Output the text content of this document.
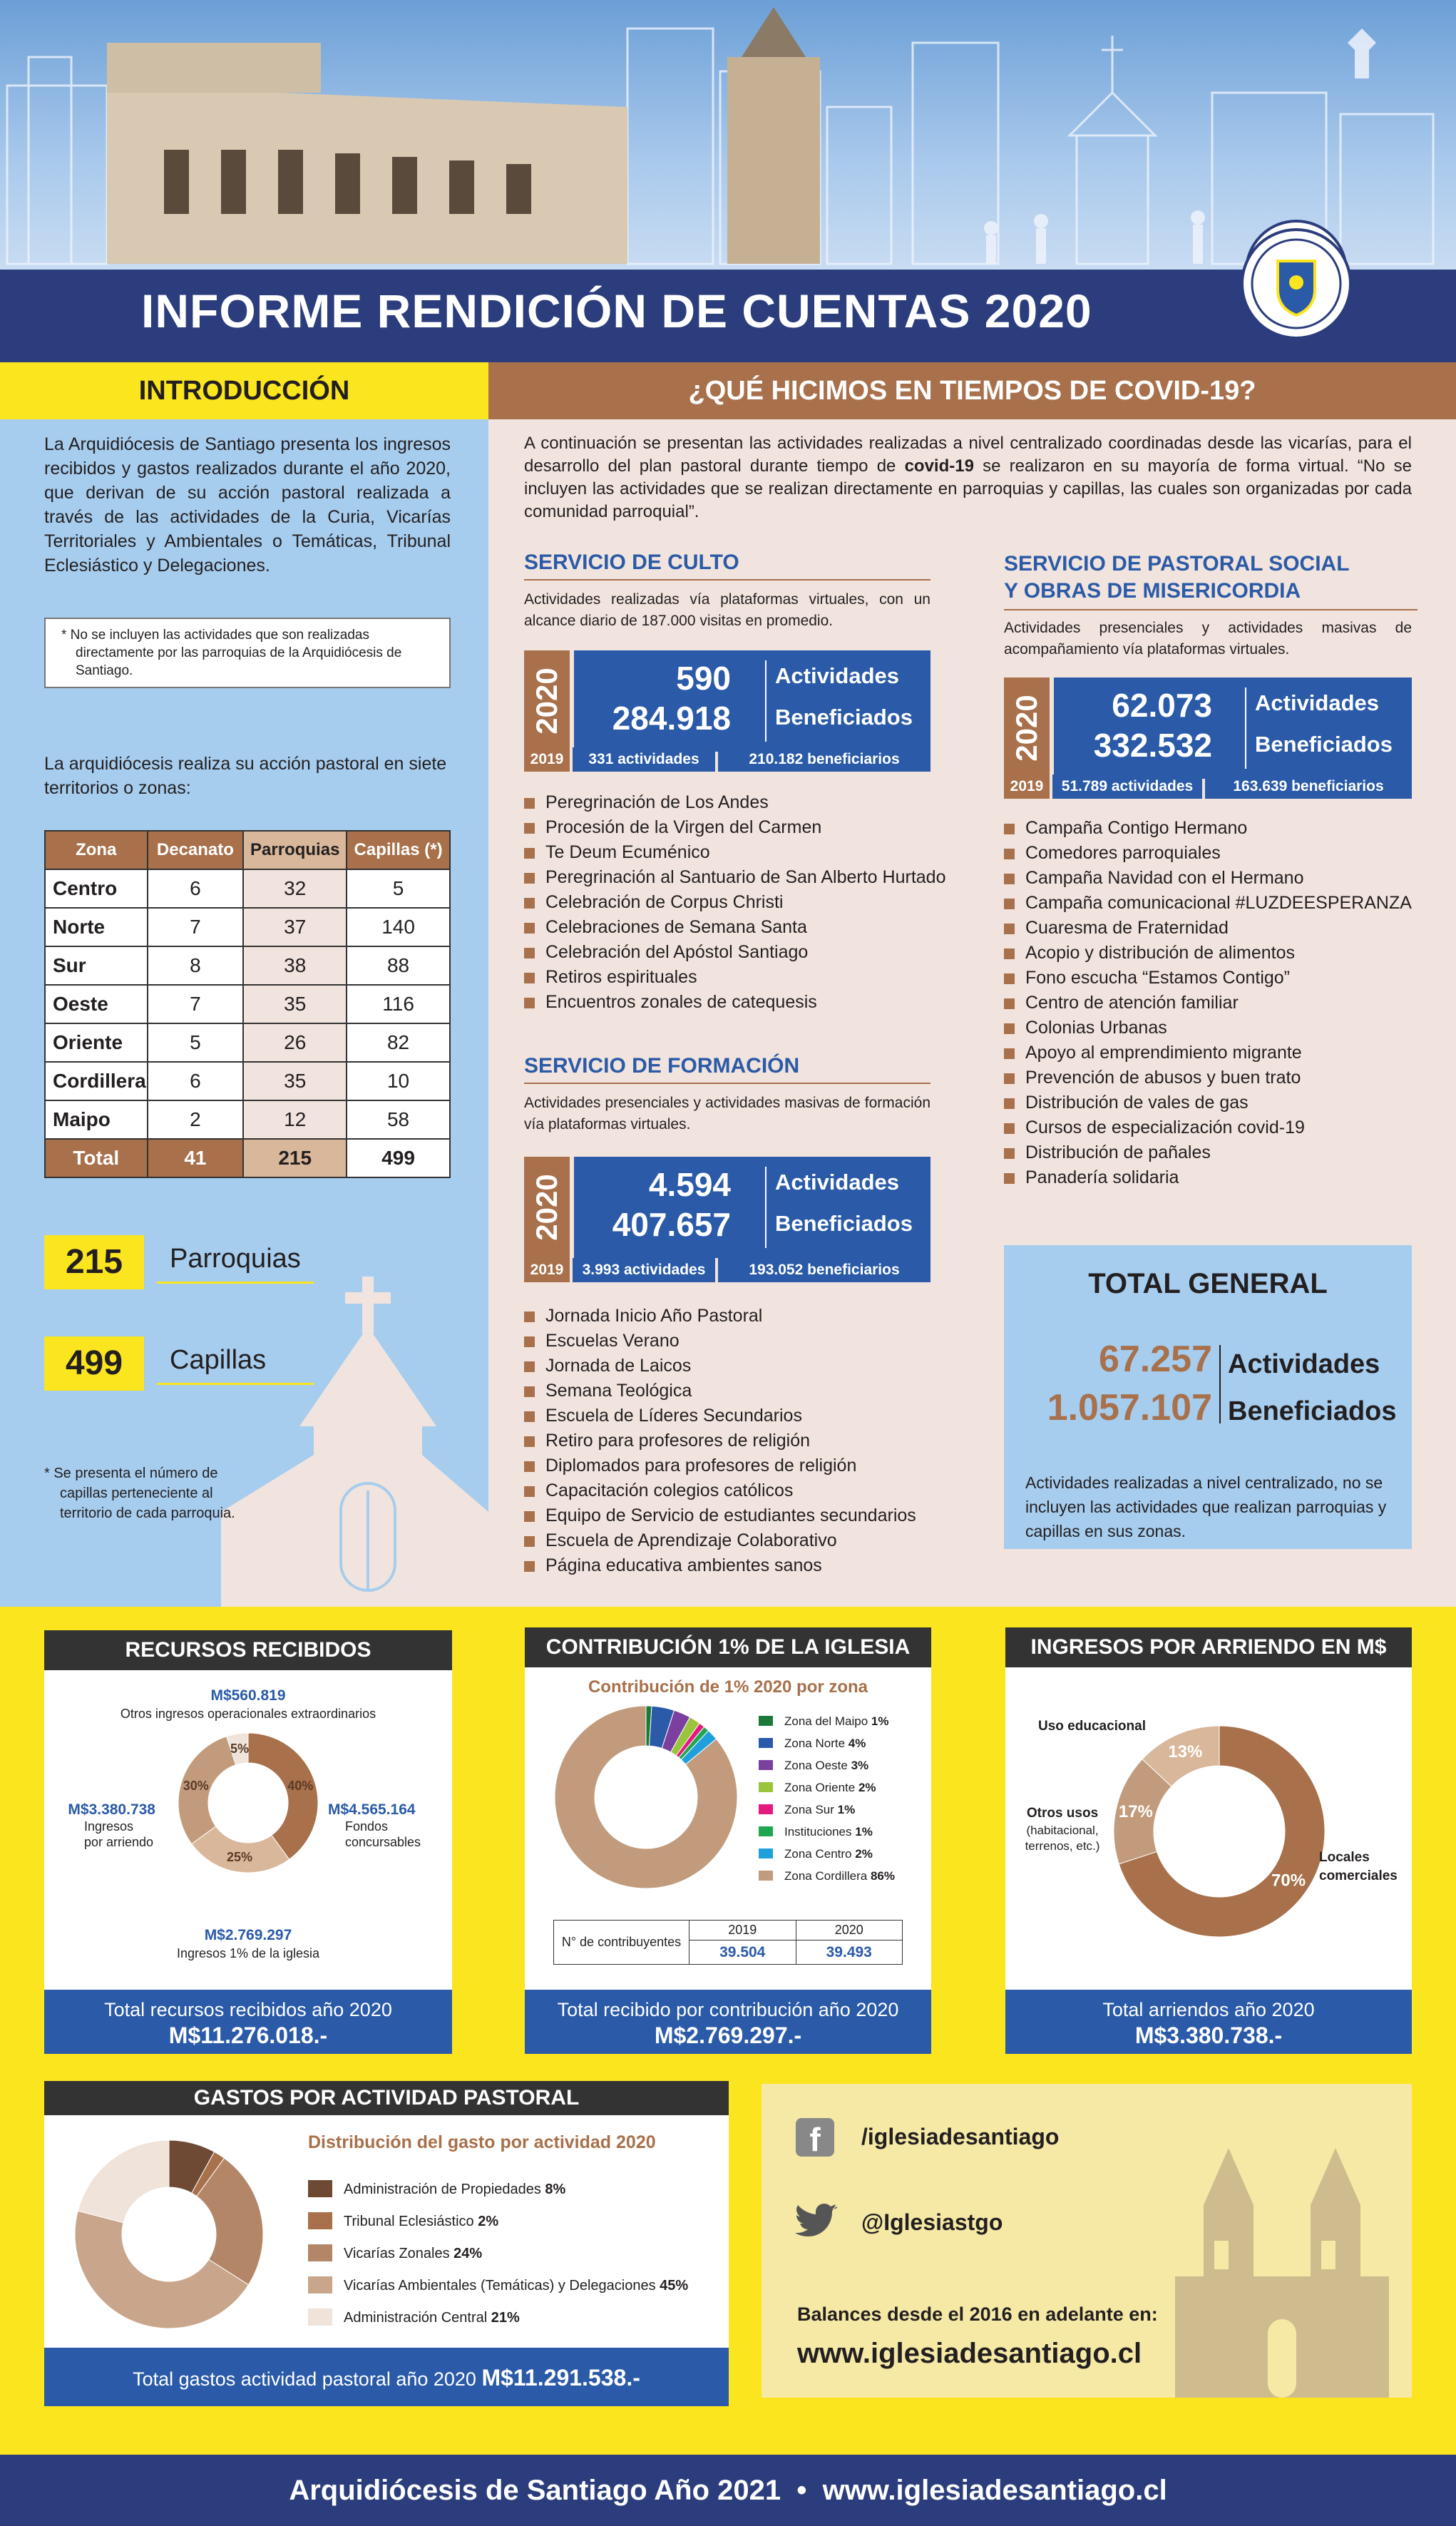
INFORME RENDICIÓN DE CUENTAS 2020
INTRODUCCIÓN
La Arquidiócesis de Santiago presenta los ingresos recibidos y gastos realizados durante el año 2020, que derivan de su acción pastoral realizada a través de las actividades de la Curia, Vicarías Territoriales y Ambientales o Temáticas, Tribunal Eclesiástico y Delegaciones.
* No se incluyen las actividades que son realizadas directamente por las parroquias de la Arquidiócesis de Santiago.
La arquidiócesis realiza su acción pastoral en siete territorios o zonas:
Zona	Decanato	Parroquias	Capillas (*)
Centro	6	32	5
Norte	7	37	140
Sur	8	38	88
Oeste	7	35	116
Oriente	5	26	82
Cordillera	6	35	10
Maipo	2	12	58
Total	41	215	499
215	Parroquias
499	Capillas
* Se presenta el número de capillas perteneciente al territorio de cada parroquia.
¿QUÉ HICIMOS EN TIEMPOS DE COVID-19?
A continuación se presentan las actividades realizadas a nivel centralizado coordinadas desde las vicarías, para el desarrollo del plan pastoral durante tiempo de covid-19 se realizaron en su mayoría de forma virtual. “No se incluyen las actividades que se realizan directamente en parroquias y capillas, las cuales son organizadas por cada comunidad parroquial”.
SERVICIO DE CULTO
Actividades realizadas vía plataformas virtuales, con un alcance diario de 187.000 visitas en promedio.
2020	590
284.918
Actividades
Beneficiados
2019	331 actividades	210.182 beneficiarios
Peregrinación de Los Andes
Procesión de la Virgen del Carmen
Te Deum Ecuménico
Peregrinación al Santuario de San Alberto Hurtado
Celebración de Corpus Christi
Celebraciones de Semana Santa
Celebración del Apóstol Santiago
Retiros espirituales
Encuentros zonales de catequesis
SERVICIO DE FORMACIÓN
Actividades presenciales y actividades masivas de formación vía plataformas virtuales.
2020	4.594
407.657
Actividades
Beneficiados
2019	3.993 actividades	193.052 beneficiarios
Jornada Inicio Año Pastoral
Escuelas Verano
Jornada de Laicos
Semana Teológica
Escuela de Líderes Secundarios
Retiro para profesores de religión
Diplomados para profesores de religión
Capacitación colegios católicos
Equipo de Servicio de estudiantes secundarios
Escuela de Aprendizaje Colaborativo
Página educativa ambientes sanos
SERVICIO DE PASTORAL SOCIAL
Y OBRAS DE MISERICORDIA
Actividades presenciales y actividades masivas de acompañamiento vía plataformas virtuales.
2020 62.073
332.532
Actividades
Beneficiados
2019	51.789 actividades	163.639 beneficiarios
Campaña Contigo Hermano
Comedores parroquiales
Campaña Navidad con el Hermano
Campaña comunicacional #LUZDEESPERANZA
Cuaresma de Fraternidad
Acopio y distribución de alimentos
Fono escucha “Estamos Contigo”
Centro de atención familiar
Colonias Urbanas
Apoyo al emprendimiento migrante
Prevención de abusos y buen trato
Distribución de vales de gas
Cursos de especialización covid-19
Distribución de pañales
Panadería solidaria
TOTAL GENERAL
67.257
1.057.107
Actividades
Beneficiados
Actividades realizadas a nivel centralizado, no se incluyen las actividades que realizan parroquias y capillas en sus zonas.
RECURSOS RECIBIDOS
M$560.819
Otros ingresos operacionales extraordinarios
40%
25%
30%
5%
M$4.565.164
Fondos concursables
M$2.769.297
Ingresos 1% de la iglesia
M$3.380.738
Ingresos por arriendo
Total recursos recibidos año 2020
M$11.276.018.-
CONTRIBUCIÓN 1% DE LA IGLESIA
Contribución de 1% 2020 por zona
Zona del Maipo 1%
Zona Norte 4%
Zona Oeste 3%
Zona Oriente 2%
Zona Sur 1%
Instituciones 1%
Zona Centro 2%
Zona Cordillera 86%
N° de contribuyentes	2019	2020
	39.504	39.493
Total recibido por contribución año 2020
M$2.769.297.-
INGRESOS POR ARRIENDO EN M$
70%
17%
13%
Uso educacional
Otros usos
(habitacional, terrenos, etc.)
Locales comerciales
Total arriendos año 2020
M$3.380.738.-
GASTOS POR ACTIVIDAD PASTORAL
Distribución del gasto por actividad 2020
Administración de Propiedades 8%
Tribunal Eclesiástico 2%
Vicarías Zonales 24%
Vicarías Ambientales (Temáticas) y Delegaciones 45%
Administración Central 21%
Total gastos actividad pastoral año 2020 M$11.291.538.-
f	/iglesiadesantiago
@Iglesiastgo
Balances desde el 2016 en adelante en:
www.iglesiadesantiago.cl
Arquidiócesis de Santiago Año 2021  •  www.iglesiadesantiago.cl
